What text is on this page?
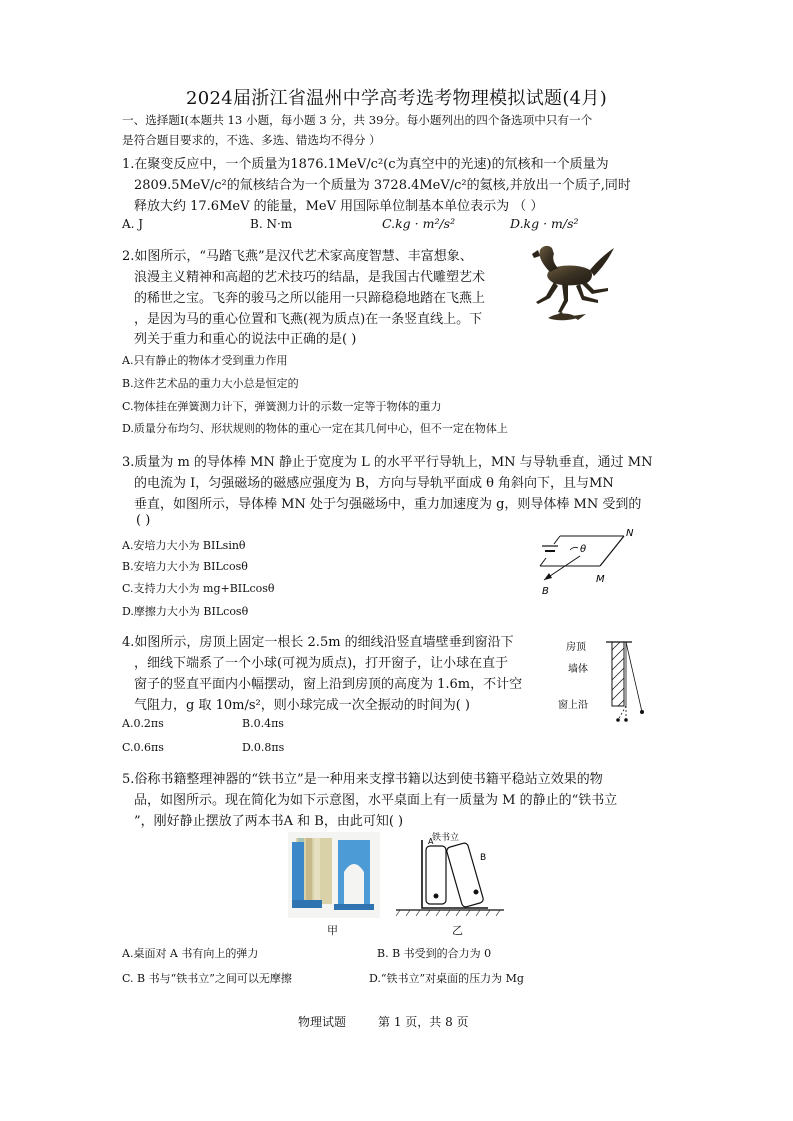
2024届浙江省温州中学高考选考物理模拟试题(4月)
一、选择题Ⅰ(本题共 13 小题，每小题 3 分，共 39分。每小题列出的四个备选项中只有一个
是符合题目要求的，不选、多选、错选均不得分 ）
1.在聚变反应中，一个质量为1876.1MeV/c²(c为真空中的光速)的氘核和一个质量为
2809.5MeV/c²的氚核结合为一个质量为 3728.4MeV/c²的氦核,并放出一个质子,同时
释放大约 17.6MeV 的能量，MeV 用国际单位制基本单位表示为 （ ）
A. J	B. N·m	C.kg · m²/s²	D.kg · m/s²
2.如图所示，“马踏飞燕”是汉代艺术家高度智慧、丰富想象、
浪漫主义精神和高超的艺术技巧的结晶，是我国古代雕塑艺术
的稀世之宝。飞奔的骏马之所以能用一只蹄稳稳地踏在飞燕上
，是因为马的重心位置和飞燕(视为质点)在一条竖直线上。下
列关于重力和重心的说法中正确的是( )
A.只有静止的物体才受到重力作用
B.这件艺术品的重力大小总是恒定的
C.物体挂在弹簧测力计下，弹簧测力计的示数一定等于物体的重力
D.质量分布均匀、形状规则的物体的重心一定在其几何中心，但不一定在物体上
3.质量为 m 的导体棒 MN 静止于宽度为 L 的水平平行导轨上，MN 与导轨垂直，通过 MN
的电流为 I，匀强磁场的磁感应强度为 B，方向与导轨平面成 θ 角斜向下，且与MN
垂直，如图所示，导体棒 MN 处于匀强磁场中，重力加速度为 g，则导体棒 MN 受到的
( )
A.安培力大小为 BILsinθ
B.安培力大小为 BILcosθ
C.支持力大小为 mg+BILcosθ
D.摩擦力大小为 BILcosθ
θ
N
M
B
4.如图所示，房顶上固定一根长 2.5m 的细线沿竖直墙壁垂到窗沿下
，细线下端系了一个小球(可视为质点)，打开窗子，让小球在直于
窗子的竖直平面内小幅摆动，窗上沿到房顶的高度为 1.6m，不计空
气阻力，g 取 10m/s²，则小球完成一次全振动的时间为( )
A.0.2πs	B.0.4πs
C.0.6πs	D.0.8πs
房顶
墙体
窗上沿
5.俗称书籍整理神器的“铁书立”是一种用来支撑书籍以达到使书籍平稳站立效果的物
品，如图所示。现在简化为如下示意图，水平桌面上有一质量为 M 的静止的“铁书立
”，刚好静止摆放了两本书A 和 B，由此可知( )
甲
铁书立
A
B
乙
A.桌面对 A 书有向上的弹力	B. B 书受到的合力为 0
C. B 书与“铁书立”之间可以无摩擦	D.“铁书立”对桌面的压力为 Mg
物理试题	第 1 页，共 8 页
